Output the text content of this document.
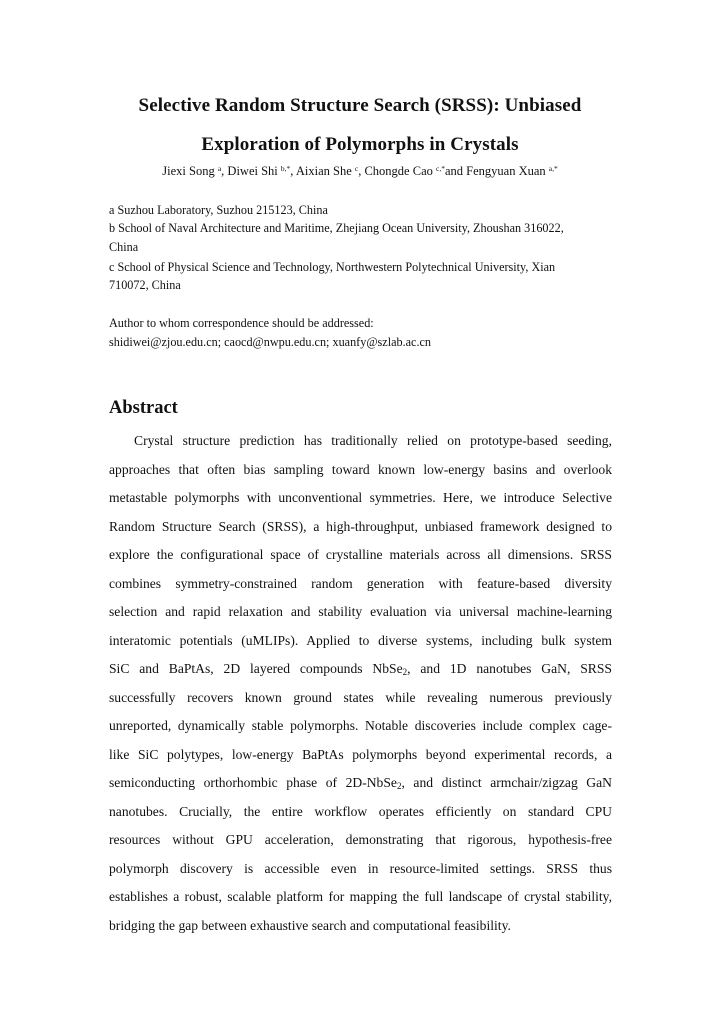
Selective Random Structure Search (SRSS): Unbiased
Exploration of Polymorphs in Crystals
Jiexi Song $^a$, Diwei Shi $^{b,*}$, Aixian She $^c$, Chongde Cao $^{c,*}$and Fengyuan Xuan $^{a,*}$
a Suzhou Laboratory, Suzhou 215123, China
b School of Naval Architecture and Maritime, Zhejiang Ocean University, Zhoushan 316022,
China
c School of Physical Science and Technology, Northwestern Polytechnical University, Xian
710072, China
Author to whom correspondence should be addressed:
shidiwei@zjou.edu.cn; caocd@nwpu.edu.cn; xuanfy@szlab.ac.cn
Abstract
Crystal structure prediction has traditionally relied on prototype-based seeding,
approaches that often bias sampling toward known low-energy basins and overlook
metastable polymorphs with unconventional symmetries. Here, we introduce Selective
Random Structure Search (SRSS), a high-throughput, unbiased framework designed to
explore the configurational space of crystalline materials across all dimensions. SRSS
combines symmetry-constrained random generation with feature-based diversity
selection and rapid relaxation and stability evaluation via universal machine-learning
interatomic potentials (uMLIPs). Applied to diverse systems, including bulk system
SiC and BaPtAs, 2D layered compounds NbSe$_2$, and 1D nanotubes GaN, SRSS
successfully recovers known ground states while revealing numerous previously
unreported, dynamically stable polymorphs. Notable discoveries include complex cage-
like SiC polytypes, low-energy BaPtAs polymorphs beyond experimental records, a
semiconducting orthorhombic phase of 2D-NbSe$_2$, and distinct armchair/zigzag GaN
nanotubes. Crucially, the entire workflow operates efficiently on standard CPU
resources without GPU acceleration, demonstrating that rigorous, hypothesis-free
polymorph discovery is accessible even in resource-limited settings. SRSS thus
establishes a robust, scalable platform for mapping the full landscape of crystal stability,
bridging the gap between exhaustive search and computational feasibility.
